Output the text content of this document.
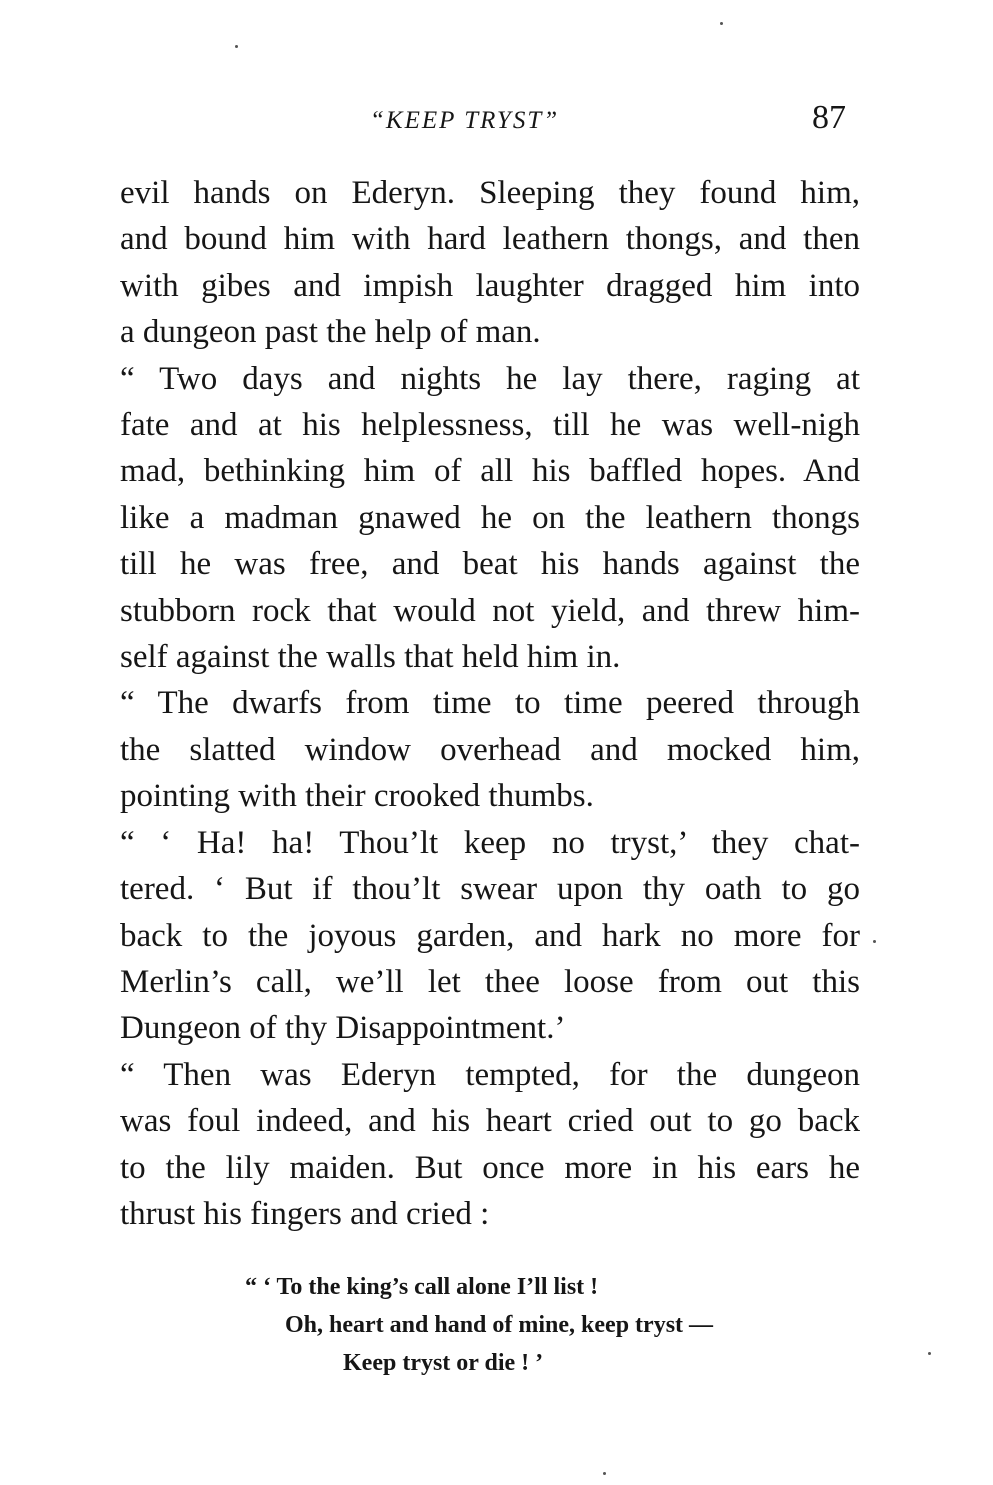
“KEEP TRYST”	87

evil hands on Ederyn. Sleeping they found him,

and bound him with hard leathern thongs, and then

with gibes and impish laughter dragged him into

a dungeon past the help of man.

“ Two days and nights he lay there, raging at

fate and at his helplessness, till he was well-nigh

mad, bethinking him of all his baffled hopes. And

like a madman gnawed he on the leathern thongs

till he was free, and beat his hands against the

stubborn rock that would not yield, and threw him-

self against the walls that held him in.

“ The dwarfs from time to time peered through

the slatted window overhead and mocked him,

pointing with their crooked thumbs.

“ ‘ Ha! ha! Thou’lt keep no tryst,’ they chat-

tered. ‘ But if thou’lt swear upon thy oath to go

back to the joyous garden, and hark no more for

Merlin’s call, we’ll let thee loose from out this

Dungeon of thy Disappointment.’

“ Then was Ederyn tempted, for the dungeon

was foul indeed, and his heart cried out to go back

to the lily maiden. But once more in his ears he

thrust his fingers and cried :

“ ‘ To the king’s call alone I’ll list !

Oh, heart and hand of mine, keep tryst —

Keep tryst or die ! ’
